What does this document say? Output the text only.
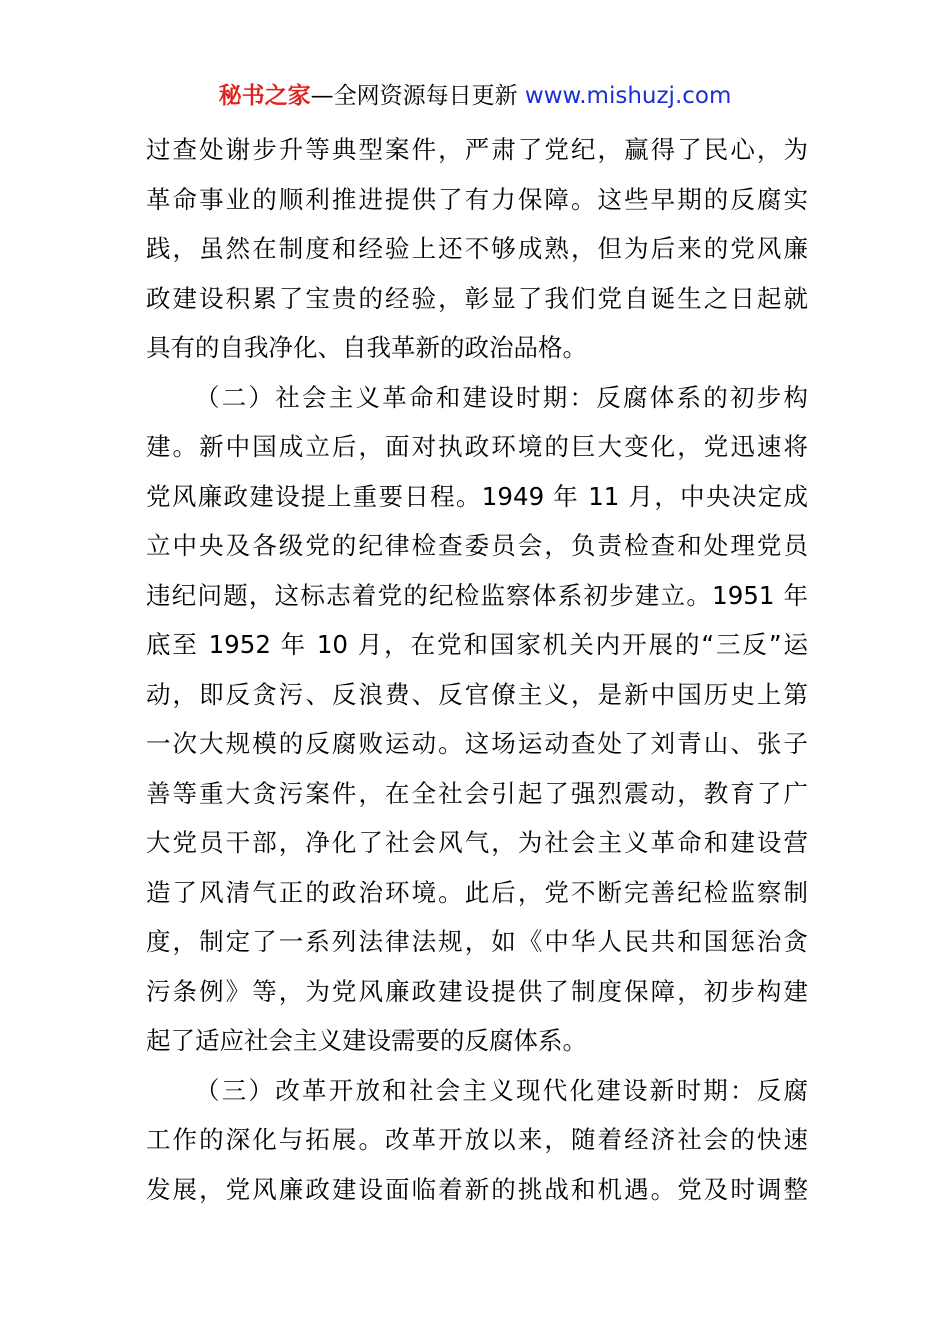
秘书之家—全网资源每日更新 www.mishuzj.com
过查处谢步升等典型案件，严肃了党纪，赢得了民心，为
革命事业的顺利推进提供了有力保障。这些早期的反腐实
践，虽然在制度和经验上还不够成熟，但为后来的党风廉
政建设积累了宝贵的经验，彰显了我们党自诞生之日起就
具有的自我净化、自我革新的政治品格。
（二）社会主义革命和建设时期：反腐体系的初步构
建。新中国成立后，面对执政环境的巨大变化，党迅速将
党风廉政建设提上重要日程。1949 年 11 月，中央决定成
立中央及各级党的纪律检查委员会，负责检查和处理党员
违纪问题，这标志着党的纪检监察体系初步建立。1951 年
底至 1952 年 10 月，在党和国家机关内开展的“三反”运
动，即反贪污、反浪费、反官僚主义，是新中国历史上第
一次大规模的反腐败运动。这场运动查处了刘青山、张子
善等重大贪污案件，在全社会引起了强烈震动，教育了广
大党员干部，净化了社会风气，为社会主义革命和建设营
造了风清气正的政治环境。此后，党不断完善纪检监察制
度，制定了一系列法律法规，如《中华人民共和国惩治贪
污条例》等，为党风廉政建设提供了制度保障，初步构建
起了适应社会主义建设需要的反腐体系。
（三）改革开放和社会主义现代化建设新时期：反腐
工作的深化与拓展。改革开放以来，随着经济社会的快速
发展，党风廉政建设面临着新的挑战和机遇。党及时调整
